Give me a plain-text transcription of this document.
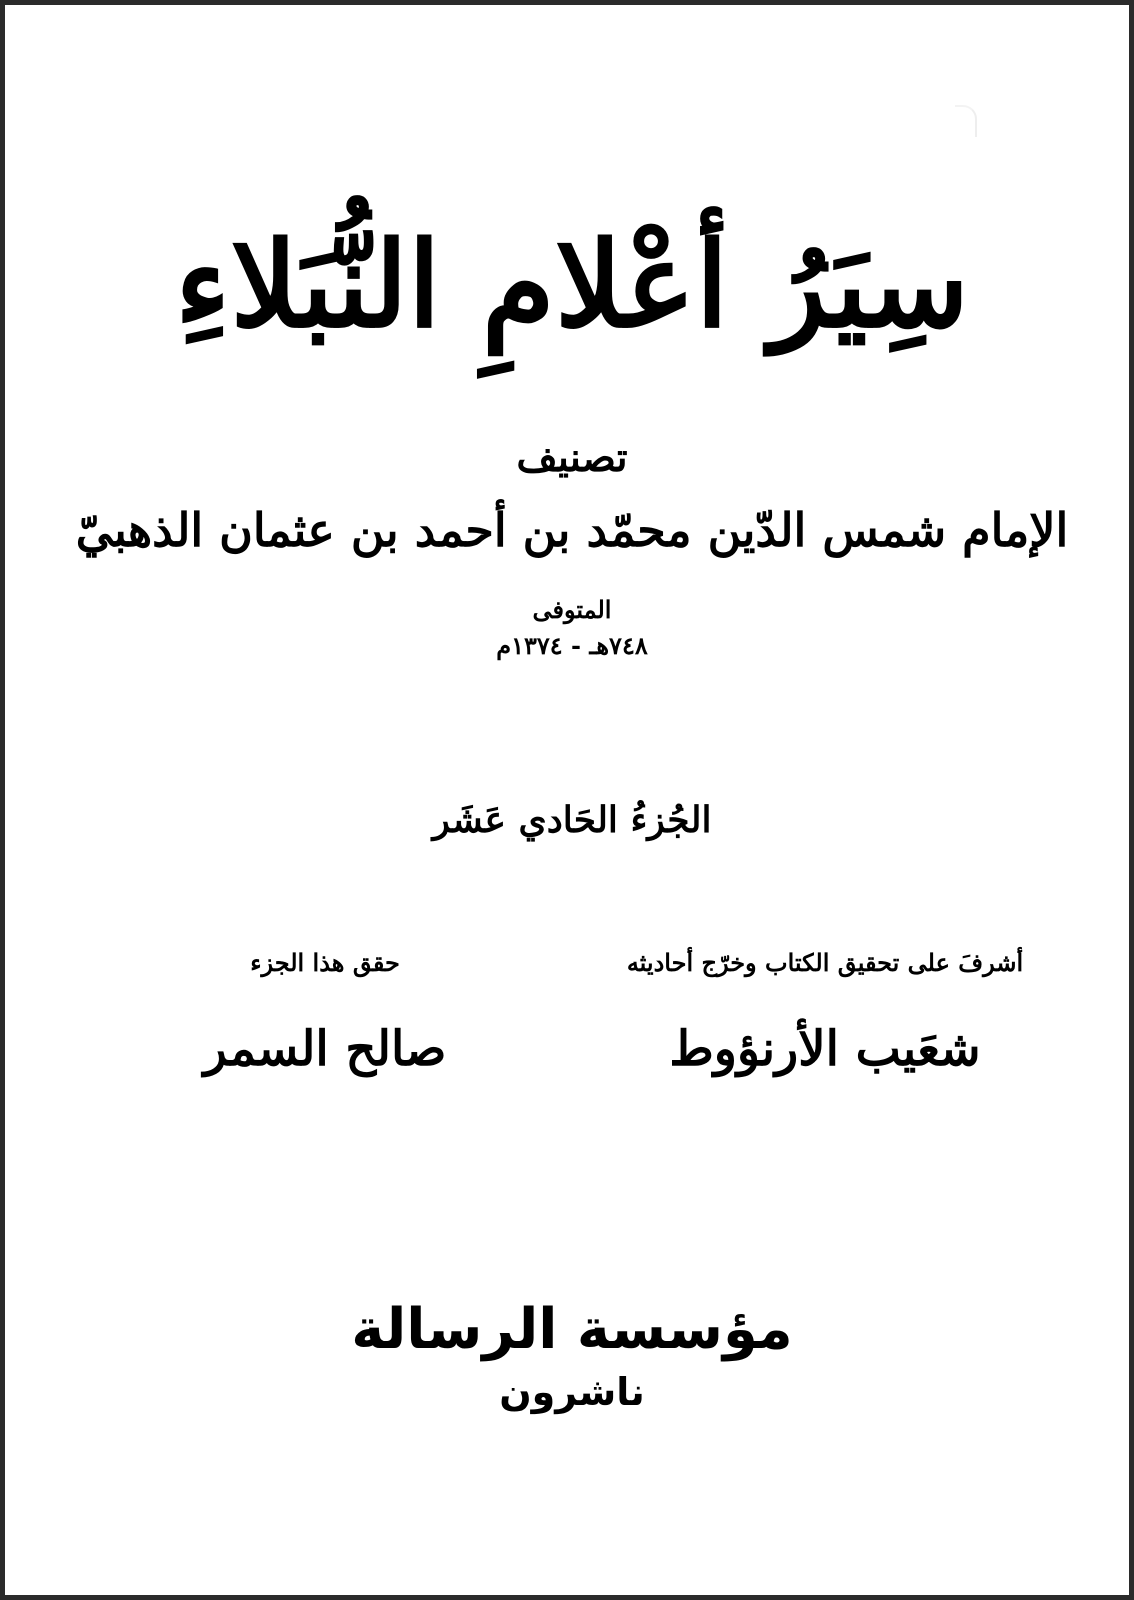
سِيَرُ أعْلامِ النُّبَلاءِ
تصنيف
الإمام شمس الدّين محمّد بن أحمد بن عثمان الذهبيّ
المتوفى
٧٤٨هـ - ١٣٧٤م
الجُزءُ الحَادي عَشَر
أشرفَ على تحقيق الكتاب وخرّج أحاديثه
شعَيب الأرنؤوط
حقق هذا الجزء
صالح السمر
مؤسسة الرسالة
ناشرون
